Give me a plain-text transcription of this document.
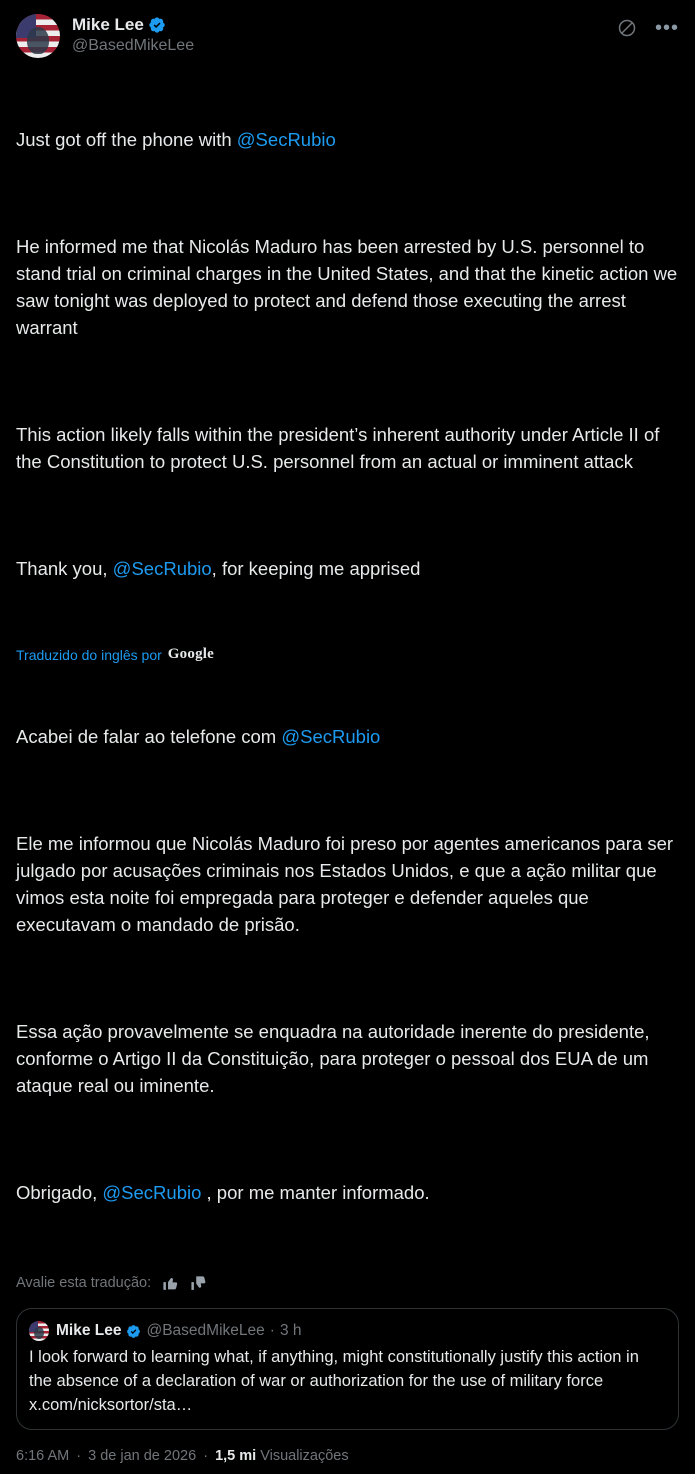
Mike Lee
@BasedMikeLee
•••

Just got off the phone with @SecRubio

He informed me that Nicolás Maduro has been arrested by U.S. personnel to stand trial on criminal charges in the United States, and that the kinetic action we saw tonight was deployed to protect and defend those executing the arrest warrant

This action likely falls within the president’s inherent authority under Article II of the Constitution to protect U.S. personnel from an actual or imminent attack

Thank you, @SecRubio, for keeping me apprised

Traduzido do inglês por Google

Acabei de falar ao telefone com @SecRubio

Ele me informou que Nicolás Maduro foi preso por agentes americanos para ser julgado por acusações criminais nos Estados Unidos, e que a ação militar que vimos esta noite foi empregada para proteger e defender aqueles que executavam o mandado de prisão.

Essa ação provavelmente se enquadra na autoridade inerente do presidente, conforme o Artigo II da Constituição, para proteger o pessoal dos EUA de um ataque real ou iminente.

Obrigado, @SecRubio , por me manter informado.

Avalie esta tradução:
Mike Lee @BasedMikeLee · 3 h
I look forward to learning what, if anything, might constitutionally justify this action in the absence of a declaration of war or authorization for the use of military force x.com/nicksortor/sta…
6:16 AM · 3 de jan de 2026 · 1,5 mi Visualizações
